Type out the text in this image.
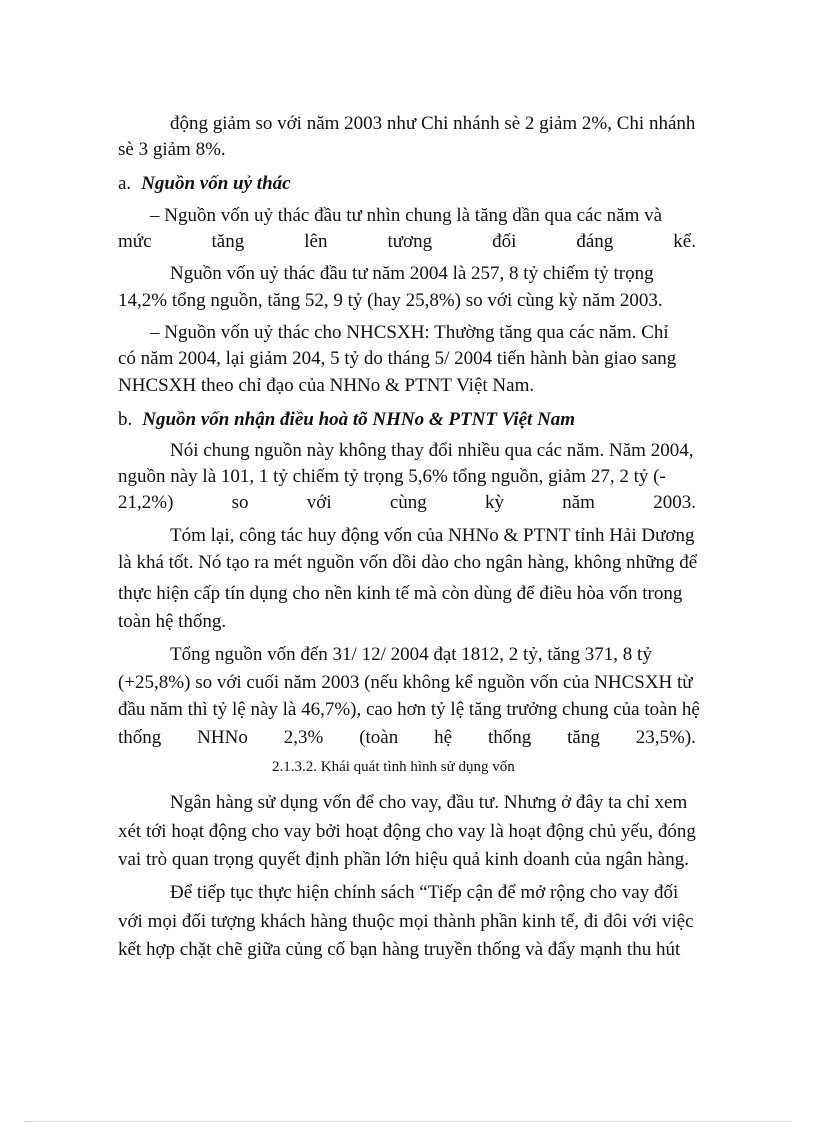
động giảm so với năm 2003 như Chi nhánh sè 2 giảm 2%, Chi nhánh
sè 3 giảm 8%.
a. Nguồn vốn uỷ thác
– Nguồn vốn uỷ thác đầu tư nhìn chung là tăng dần qua các năm và
mức	tăng	lên	tương	đối	đáng	kể.
Nguồn vốn uỷ thác đầu tư năm 2004 là 257, 8 tỷ chiếm tỷ trọng
14,2% tổng nguồn, tăng 52, 9 tỷ (hay 25,8%) so với cùng kỳ năm 2003.
– Nguồn vốn uỷ thác cho NHCSXH: Thường tăng qua các năm. Chỉ
có năm 2004, lại giảm 204, 5 tỷ do tháng 5/ 2004 tiến hành bàn giao sang
NHCSXH theo chỉ đạo của NHNo & PTNT Việt Nam.
b. Nguồn vốn nhận điều hoà tõ NHNo & PTNT Việt Nam
Nói chung nguồn này không thay đổi nhiều qua các năm. Năm 2004,
nguồn này là 101, 1 tỷ chiếm tỷ trọng 5,6% tổng nguồn, giảm 27, 2 tỷ (-
21,2%)	so	với	cùng	kỳ	năm	2003.
Tóm lại, công tác huy động vốn của NHNo & PTNT tỉnh Hải Dương
là khá tốt. Nó tạo ra mét nguồn vốn dồi dào cho ngân hàng, không những để
thực hiện cấp tín dụng cho nền kinh tế mà còn dùng để điều hòa vốn trong
toàn hệ thống.
Tổng nguồn vốn đến 31/ 12/ 2004 đạt 1812, 2 tỷ, tăng 371, 8 tỷ
(+25,8%) so với cuối năm 2003 (nếu không kể nguồn vốn của NHCSXH từ
đầu năm thì tỷ lệ này là 46,7%), cao hơn tỷ lệ tăng trưởng chung của toàn hệ
thống NHNo 2,3% (toàn hệ thống tăng 23,5%).
2.1.3.2. Khái quát tình hình sử dụng vốn
Ngân hàng sử dụng vốn để cho vay, đầu tư. Nhưng ở đây ta chỉ xem
xét tới hoạt động cho vay bởi hoạt động cho vay là hoạt động chủ yếu, đóng
vai trò quan trọng quyết định phần lớn hiệu quả kinh doanh của ngân hàng.
Để tiếp tục thực hiện chính sách “Tiếp cận để mở rộng cho vay đối
với mọi đối tượng khách hàng thuộc mọi thành phần kinh tế, đi đôi với việc
kết hợp chặt chẽ giữa củng cố bạn hàng truyền thống và đẩy mạnh thu hút
